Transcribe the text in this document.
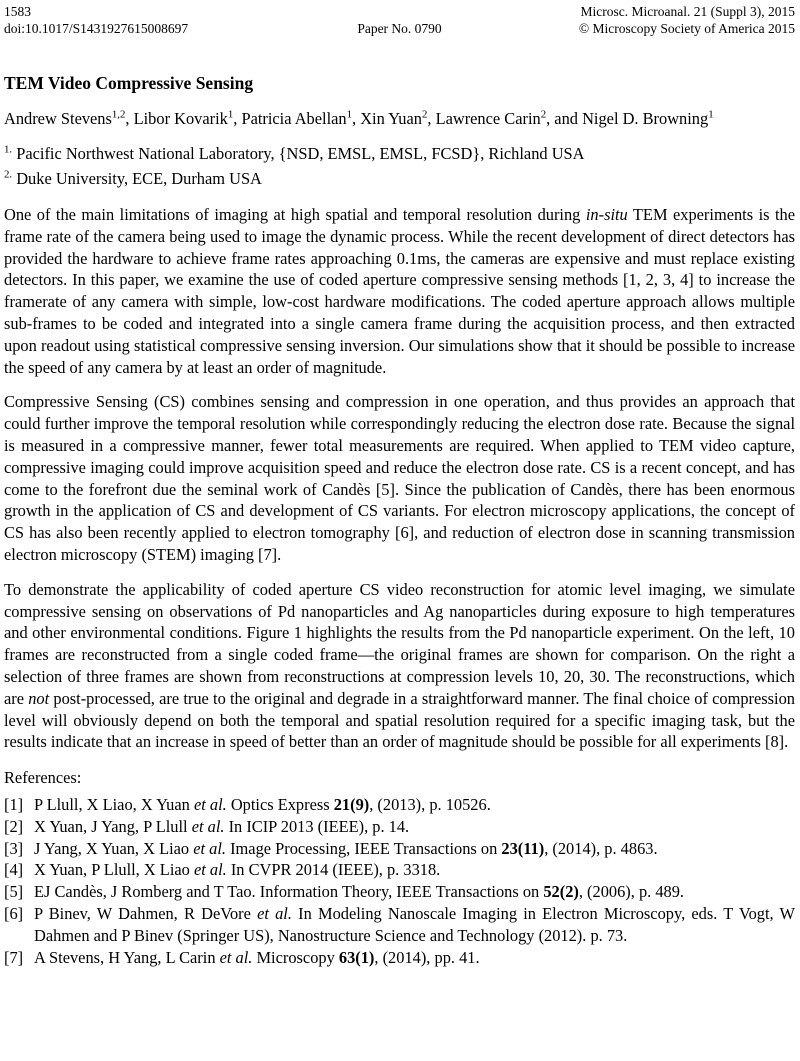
1583
doi:10.1017/S1431927615008697	Paper No. 0790
Microsc. Microanal. 21 (Suppl 3), 2015
© Microscopy Society of America 2015
TEM Video Compressive Sensing

Andrew Stevens$^{1,2}$, Libor Kovarik$^1$, Patricia Abellan$^1$, Xin Yuan$^2$, Lawrence Carin$^2$, and Nigel D. Browning$^1$

$^{1.}$ Pacific Northwest National Laboratory, {NSD, EMSL, EMSL, FCSD}, Richland USA
$^{2.}$ Duke University, ECE, Durham USA

One of the main limitations of imaging at high spatial and temporal resolution during in-situ TEM experiments is the frame rate of the camera being used to image the dynamic process. While the recent development of direct detectors has provided the hardware to achieve frame rates approaching 0.1ms, the cameras are expensive and must replace existing detectors. In this paper, we examine the use of coded aperture compressive sensing methods [1, 2, 3, 4] to increase the framerate of any camera with simple, low-cost hardware modifications. The coded aperture approach allows multiple sub-frames to be coded and integrated into a single camera frame during the acquisition process, and then extracted upon readout using statistical compressive sensing inversion. Our simulations show that it should be possible to increase the speed of any camera by at least an order of magnitude.

Compressive Sensing (CS) combines sensing and compression in one operation, and thus provides an approach that could further improve the temporal resolution while correspondingly reducing the electron dose rate. Because the signal is measured in a compressive manner, fewer total measurements are required. When applied to TEM video capture, compressive imaging could improve acquisition speed and reduce the electron dose rate. CS is a recent concept, and has come to the forefront due the seminal work of Candès [5]. Since the publication of Candès, there has been enormous growth in the application of CS and development of CS variants. For electron microscopy applications, the concept of CS has also been recently applied to electron tomography [6], and reduction of electron dose in scanning transmission electron microscopy (STEM) imaging [7].

To demonstrate the applicability of coded aperture CS video reconstruction for atomic level imaging, we simulate compressive sensing on observations of Pd nanoparticles and Ag nanoparticles during exposure to high temperatures and other environmental conditions. Figure 1 highlights the results from the Pd nanoparticle experiment. On the left, 10 frames are reconstructed from a single coded frame—the original frames are shown for comparison. On the right a selection of three frames are shown from reconstructions at compression levels 10, 20, 30. The reconstructions, which are not post-processed, are true to the original and degrade in a straightforward manner. The final choice of compression level will obviously depend on both the temporal and spatial resolution required for a specific imaging task, but the results indicate that an increase in speed of better than an order of magnitude should be possible for all experiments [8].

References:

[1] P Llull, X Liao, X Yuan et al. Optics Express 21(9), (2013), p. 10526.
[2] X Yuan, J Yang, P Llull et al. In ICIP 2013 (IEEE), p. 14.
[3] J Yang, X Yuan, X Liao et al. Image Processing, IEEE Transactions on 23(11), (2014), p. 4863.
[4] X Yuan, P Llull, X Liao et al. In CVPR 2014 (IEEE), p. 3318.
[5] EJ Candès, J Romberg and T Tao. Information Theory, IEEE Transactions on 52(2), (2006), p. 489.
[6] P Binev, W Dahmen, R DeVore et al. In Modeling Nanoscale Imaging in Electron Microscopy, eds. T Vogt, W Dahmen and P Binev (Springer US), Nanostructure Science and Technology (2012). p. 73.
[7] A Stevens, H Yang, L Carin et al. Microscopy 63(1), (2014), pp. 41.
